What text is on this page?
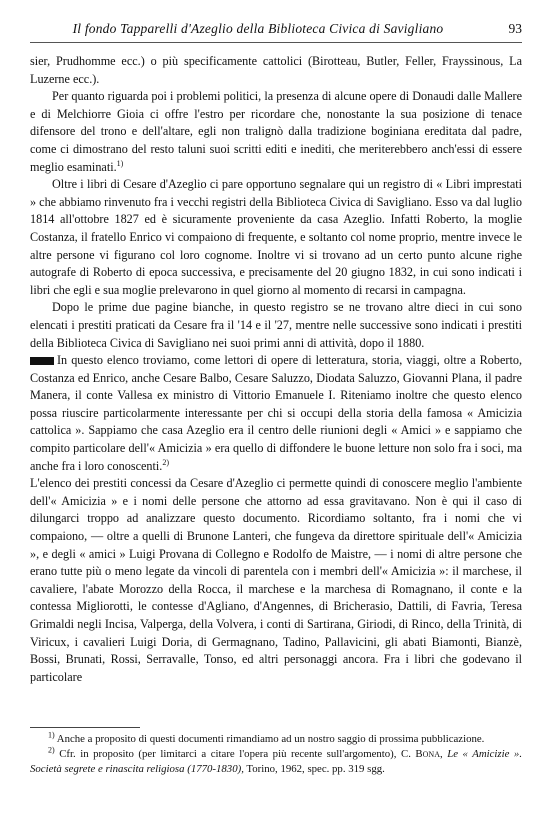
Il fondo Tapparelli d'Azeglio della Biblioteca Civica di Savigliano	93

sier, Prudhomme ecc.) o più specificamente cattolici (Birotteau, Butler, Feller, Frayssinous, La Luzerne ecc.).

Per quanto riguarda poi i problemi politici, la presenza di alcune opere di Donaudi dalle Mallere e di Melchiorre Gioia ci offre l'estro per ricordare che, nonostante la sua posizione di tenace difensore del trono e dell'altare, egli non tralignò dalla tradizione boginiana ereditata dal padre, come ci dimostrano del resto taluni suoi scritti editi e inediti, che meriterebbero anch'essi di essere meglio esaminati.$^{1)}$

Oltre i libri di Cesare d'Azeglio ci pare opportuno segnalare qui un registro di « Libri imprestati » che abbiamo rinvenuto fra i vecchi registri della Biblioteca Civica di Savigliano. Esso va dal luglio 1814 all'ottobre 1827 ed è sicuramente proveniente da casa Azeglio. Infatti Roberto, la moglie Costanza, il fratello Enrico vi compaiono di frequente, e soltanto col nome proprio, mentre invece le altre persone vi figurano col loro cognome. Inoltre vi si trovano ad un certo punto alcune righe autografe di Roberto di epoca successiva, e precisamente del 20 giugno 1832, in cui sono indicati i libri che egli e sua moglie prelevarono in quel giorno al momento di recarsi in campagna.

Dopo le prime due pagine bianche, in questo registro se ne trovano altre dieci in cui sono elencati i prestiti praticati da Cesare fra il '14 e il '27, mentre nelle successive sono indicati i prestiti della Biblioteca Civica di Savigliano nei suoi primi anni di attività, dopo il 1880.

In questo elenco troviamo, come lettori di opere di letteratura, storia, viaggi, oltre a Roberto, Costanza ed Enrico, anche Cesare Balbo, Cesare Saluzzo, Diodata Saluzzo, Giovanni Plana, il padre Manera, il conte Vallesa ex ministro di Vittorio Emanuele I. Riteniamo inoltre che questo elenco possa riuscire particolarmente interessante per chi si occupi della storia della famosa « Amicizia cattolica ». Sappiamo che casa Azeglio era il centro delle riunioni degli « Amici » e sappiamo che compito particolare dell'« Amicizia » era quello di diffondere le buone letture non solo fra i soci, ma anche fra i loro conoscenti.$^{2)}$

L'elenco dei prestiti concessi da Cesare d'Azeglio ci permette quindi di conoscere meglio l'ambiente dell'« Amicizia » e i nomi delle persone che attorno ad essa gravitavano. Non è qui il caso di dilungarci troppo ad analizzare questo documento. Ricordiamo soltanto, fra i nomi che vi compaiono, — oltre a quelli di Brunone Lanteri, che fungeva da direttore spirituale dell'« Amicizia », e degli « amici » Luigi Provana di Collegno e Rodolfo de Maistre, — i nomi di altre persone che erano tutte più o meno legate da vincoli di parentela con i membri dell'« Amicizia »: il marchese, il cavaliere, l'abate Morozzo della Rocca, il marchese e la marchesa di Romagnano, il conte e la contessa Migliorotti, le contesse d'Agliano, d'Angennes, di Bricherasio, Dattili, di Favria, Teresa Grimaldi negli Incisa, Valperga, della Volvera, i conti di Sartirana, Giriodi, di Rinco, della Trinità, di Viricux, i cavalieri Luigi Doria, di Germagnano, Tadino, Pallavicini, gli abati Biamonti, Bianzè, Bossi, Brunati, Rossi, Serravalle, Tonso, ed altri personaggi ancora. Fra i libri che godevano il particolare

$^{1)}$ Anche a proposito di questi documenti rimandiamo ad un nostro saggio di prossima pubblicazione.

$^{2)}$ Cfr. in proposito (per limitarci a citare l'opera più recente sull'argomento), C. Bona, Le « Amicizie ». Società segrete e rinascita religiosa (1770-1830), Torino, 1962, spec. pp. 319 sgg.
